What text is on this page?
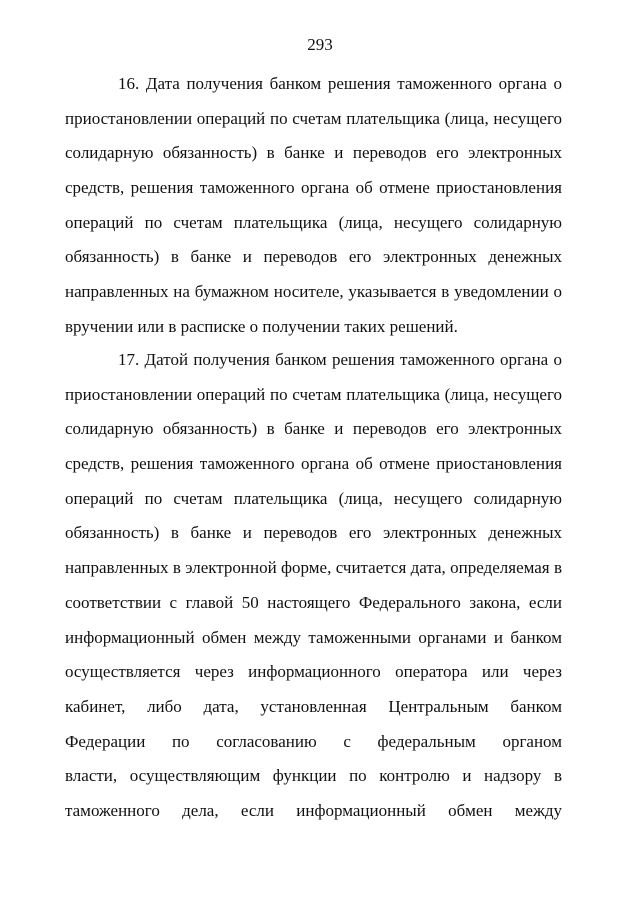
293
16. Дата получения банком решения таможенного органа о
приостановлении операций по счетам плательщика (лица, несущего
солидарную обязанность) в банке и переводов его электронных
средств, решения таможенного органа об отмене приостановления
операций по счетам плательщика (лица, несущего солидарную
обязанность) в банке и переводов его электронных денежных
направленных на бумажном носителе, указывается в уведомлении о
вручении или в расписке о получении таких решений.
17. Датой получения банком решения таможенного органа о
приостановлении операций по счетам плательщика (лица, несущего
солидарную обязанность) в банке и переводов его электронных
средств, решения таможенного органа об отмене приостановления
операций по счетам плательщика (лица, несущего солидарную
обязанность) в банке и переводов его электронных денежных
направленных в электронной форме, считается дата, определяемая в
соответствии с главой 50 настоящего Федерального закона, если
информационный обмен между таможенными органами и банком
осуществляется через информационного оператора или через
кабинет, либо дата, установленная Центральным банком
Федерации по согласованию с федеральным органом
власти, осуществляющим функции по контролю и надзору в
таможенного дела, если информационный обмен между
